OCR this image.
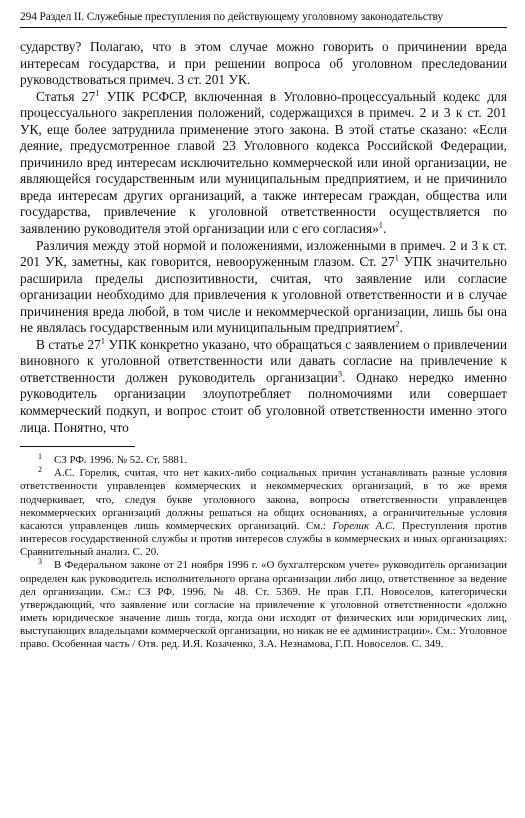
294 Раздел II. Служебные преступления по действующему уголовному законодательству

сударству? Полагаю, что в этом случае можно говорить о причинении вреда интересам государства, и при решении вопроса об уголовном преследовании руководствоваться примеч. 3 ст. 201 УК.

Статья $27^1$ УПК РСФСР, включенная в Уголовно-процессуальный кодекс для процессуального закрепления положений, содержащихся в примеч. 2 и 3 к ст. 201 УК, еще более затруднила применение этого закона. В этой статье сказано: «Если деяние, предусмотренное главой 23 Уголовного кодекса Российской Федерации, причинило вред интересам исключительно коммерческой или иной организации, не являющейся государственным или муниципальным предприятием, и не причинило вреда интересам других организаций, а также интересам граждан, общества или государства, привлечение к уголовной ответственности осуществляется по заявлению руководителя этой организации или с его согласия»$^1$.

Различия между этой нормой и положениями, изложенными в примеч. 2 и 3 к ст. 201 УК, заметны, как говорится, невооруженным глазом. Ст. $27^1$ УПК значительно расширила пределы диспозитивности, считая, что заявление или согласие организации необходимо для привлечения к уголовной ответственности и в случае причинения вреда любой, в том числе и некоммерческой организации, лишь бы она не являлась государственным или муниципальным предприятием$^2$.

В статье $27^1$ УПК конкретно указано, что обращаться с заявлением о привлечении виновного к уголовной ответственности или давать согласие на привлечение к ответственности должен руководитель организации$^3$. Однако нередко именно руководитель организации злоупотребляет полномочиями или совершает коммерческий подкуп, и вопрос стоит об уголовной ответственности именно этого лица. Понятно, что

$^1$ СЗ РФ. 1996. № 52. Ст. 5881.

$^2$ А.С. Горелик, считая, что нет каких-либо социальных причин устанавливать разные условия ответственности управленцев коммерческих и некоммерческих организаций, в то же время подчеркивает, что, следуя букве уголовного закона, вопросы ответственности управленцев некоммерческих организаций должны решаться на общих основаниях, а ограничительные условия касаются управленцев лишь коммерческих организаций. См.: Горелик А.С. Преступления против интересов государственной службы и против интересов службы в коммерческих и иных организациях: Сравнительный анализ. С. 20.

$^3$ В Федеральном законе от 21 ноября 1996 г. «О бухгалтерском учете» руководитель организации определен как руководитель исполнительного органа организации либо лицо, ответственное за ведение дел организации. См.: СЗ РФ. 1996. № 48. Ст. 5369. Не прав Г.П. Новоселов, категорически утверждающий, что заявление или согласие на привлечение к уголовной ответственности «должно иметь юридическое значение лишь тогда, когда они исходят от физических или юридических лиц, выступающих владельцами коммерческой организации, но никак не ее администрации». См.: Уголовное право. Особенная часть / Отв. ред. И.Я. Козаченко, З.А. Незнамова, Г.П. Новоселов. С. 349.
